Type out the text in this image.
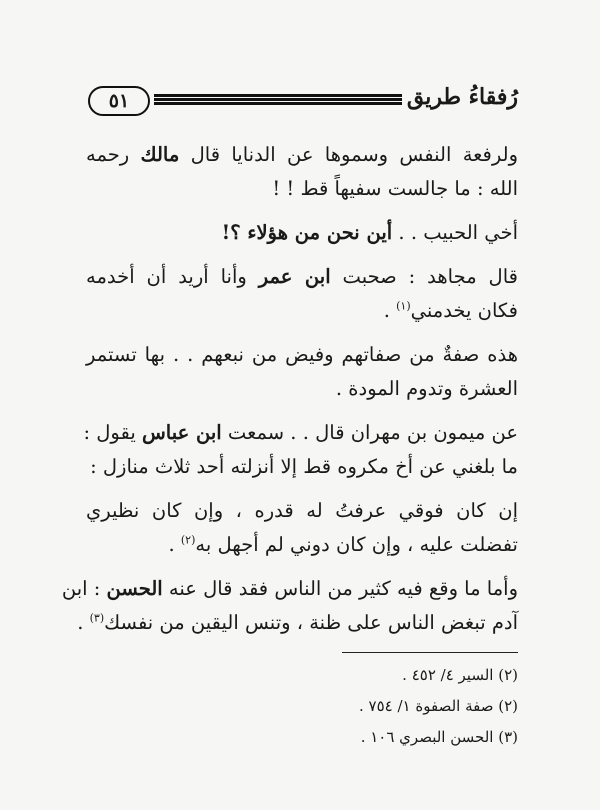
٥١	رُفقاءُ طريق
ولرفعة النفس وسموها عن الدنايا قال مالك رحمه
الله : ما جالست سفيهاً قط ! !
أخي الحبيب . . أين نحن من هؤلاء ؟!
قال مجاهد : صحبت ابن عمر وأنا أريد أن أخدمه
فكان يخدمني$^{(١)}$ .
هذه صفةٌ من صفاتهم وفيض من نبعهم . . بها تستمر
العشرة وتدوم المودة .
عن ميمون بن مهران قال . . سمعت ابن عباس يقول :
ما بلغني عن أخ مكروه قط إلا أنزلته أحد ثلاث منازل :
إن كان فوقي عرفتُ له قدره ، وإن كان نظيري
تفضلت عليه ، وإن كان دوني لم أجهل به$^{(٢)}$ .
وأما ما وقع فيه كثير من الناس فقد قال عنه الحسن : ابن
آدم تبغض الناس على ظنة ، وتنس اليقين من نفسك$^{(٣)}$ .
(٢) السير ٤/ ٤٥٢ .
(٢) صفة الصفوة ١/ ٧٥٤ .
(٣) الحسن البصري ١٠٦ .
